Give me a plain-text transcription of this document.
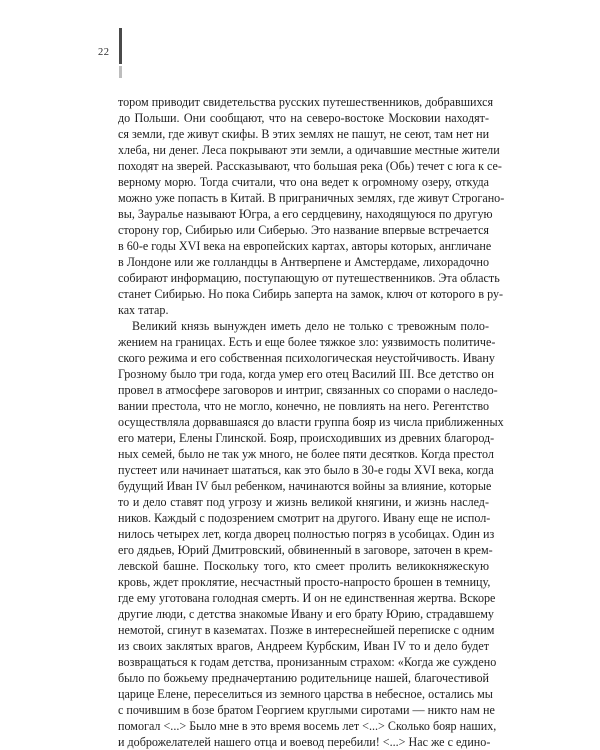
22
тором приводит свидетельства русских путешественников, добравшихся
до Польши. Они сообщают, что на северо-востоке Московии находят-
ся земли, где живут скифы. В этих землях не пашут, не сеют, там нет ни
хлеба, ни денег. Леса покрывают эти земли, а одичавшие местные жители
походят на зверей. Рассказывают, что большая река (Обь) течет с юга к се-
верному морю. Тогда считали, что она ведет к огромному озеру, откуда
можно уже попасть в Китай. В приграничных землях, где живут Строгано-
вы, Зауралье называют Югра, а его сердцевину, находящуюся по другую
сторону гор, Сибирью или Сиберью. Это название впервые встречается
в 60-е годы XVI века на европейских картах, авторы которых, англичане
в Лондоне или же голландцы в Антверпене и Амстердаме, лихорадочно
собирают информацию, поступающую от путешественников. Эта область
станет Сибирью. Но пока Сибирь заперта на замок, ключ от которого в ру-
ках татар.
Великий князь вынужден иметь дело не только с тревожным поло-
жением на границах. Есть и еще более тяжкое зло: уязвимость политиче-
ского режима и его собственная психологическая неустойчивость. Ивану
Грозному было три года, когда умер его отец Василий III. Все детство он
провел в атмосфере заговоров и интриг, связанных со спорами о наследо-
вании престола, что не могло, конечно, не повлиять на него. Регентство
осуществляла дорвавшаяся до власти группа бояр из числа приближенных
его матери, Елены Глинской. Бояр, происходивших из древних благород-
ных семей, было не так уж много, не более пяти десятков. Когда престол
пустеет или начинает шататься, как это было в 30-е годы XVI века, когда
будущий Иван IV был ребенком, начинаются войны за влияние, которые
то и дело ставят под угрозу и жизнь великой княгини, и жизнь наслед-
ников. Каждый с подозрением смотрит на другого. Ивану еще не испол-
нилось четырех лет, когда дворец полностью погряз в усобицах. Один из
его дядьев, Юрий Дмитровский, обвиненный в заговоре, заточен в крем-
левской башне. Поскольку того, кто смеет пролить великокняжескую
кровь, ждет проклятие, несчастный просто-напросто брошен в темницу,
где ему уготована голодная смерть. И он не единственная жертва. Вскоре
другие люди, с детства знакомые Ивану и его брату Юрию, страдавшему
немотой, сгинут в казематах. Позже в интереснейшей переписке с одним
из своих заклятых врагов, Андреем Курбским, Иван IV то и дело будет
возвращаться к годам детства, пронизанным страхом: «Когда же суждено
было по божьему предначертанию родительнице нашей, благочестивой
царице Елене, переселиться из земного царства в небесное, остались мы
с почившим в бозе братом Георгием круглыми сиротами — никто нам не
помогал <...> Было мне в это время восемь лет <...> Сколько бояр наших,
и доброжелателей нашего отца и воевод перебили! <...> Нас же с едино-
